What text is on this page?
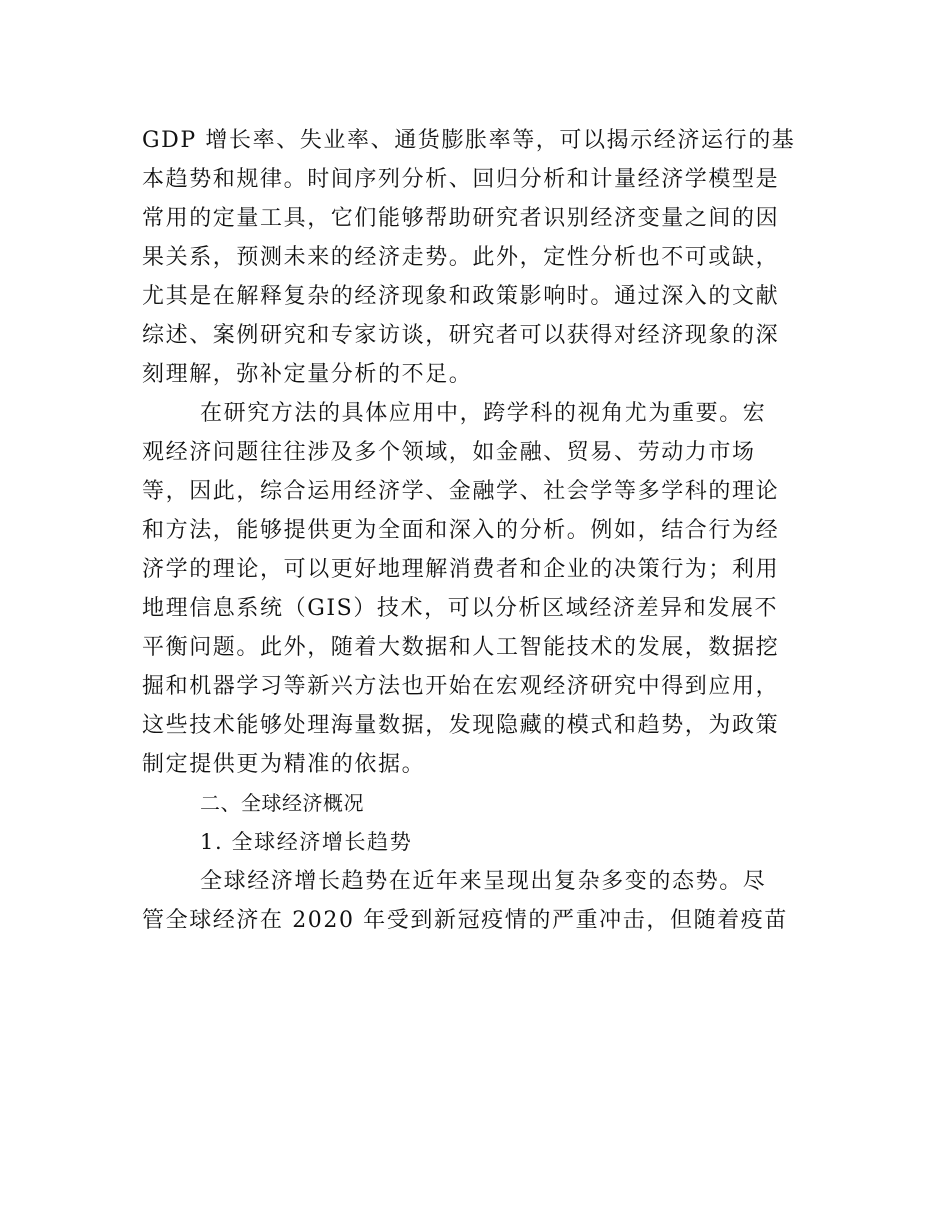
GDP 增长率、失业率、通货膨胀率等，可以揭示经济运行的基
本趋势和规律。时间序列分析、回归分析和计量经济学模型是
常用的定量工具，它们能够帮助研究者识别经济变量之间的因
果关系，预测未来的经济走势。此外，定性分析也不可或缺，
尤其是在解释复杂的经济现象和政策影响时。通过深入的文献
综述、案例研究和专家访谈，研究者可以获得对经济现象的深
刻理解，弥补定量分析的不足。
在研究方法的具体应用中，跨学科的视角尤为重要。宏
观经济问题往往涉及多个领域，如金融、贸易、劳动力市场
等，因此，综合运用经济学、金融学、社会学等多学科的理论
和方法，能够提供更为全面和深入的分析。例如，结合行为经
济学的理论，可以更好地理解消费者和企业的决策行为；利用
地理信息系统（GIS）技术，可以分析区域经济差异和发展不
平衡问题。此外，随着大数据和人工智能技术的发展，数据挖
掘和机器学习等新兴方法也开始在宏观经济研究中得到应用，
这些技术能够处理海量数据，发现隐藏的模式和趋势，为政策
制定提供更为精准的依据。
二、全球经济概况
1. 全球经济增长趋势
全球经济增长趋势在近年来呈现出复杂多变的态势。尽
管全球经济在 2020 年受到新冠疫情的严重冲击，但随着疫苗
